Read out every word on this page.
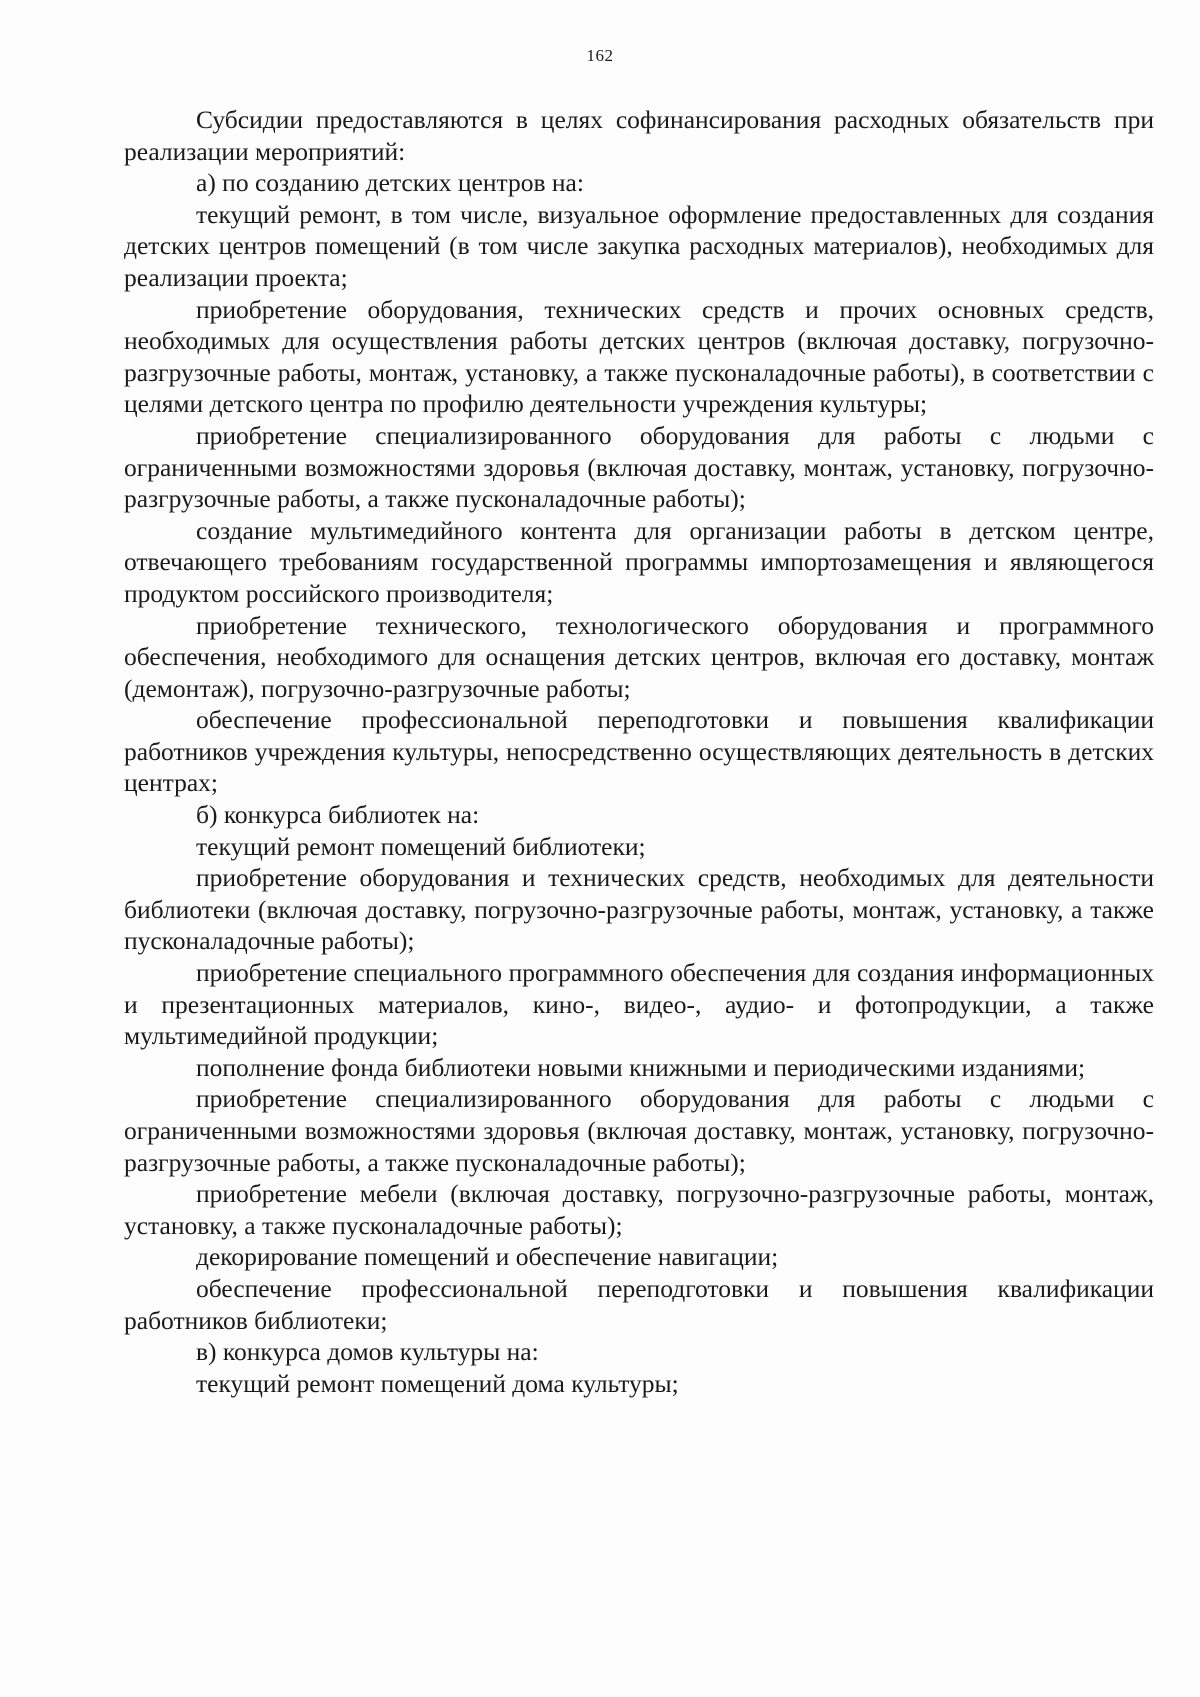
162

Субсидии предоставляются в целях софинансирования расходных обязательств при реализации мероприятий:

а) по созданию детских центров на:

текущий ремонт, в том числе, визуальное оформление предоставленных для создания детских центров помещений (в том числе закупка расходных материалов), необходимых для реализации проекта;

приобретение оборудования, технических средств и прочих основных средств, необходимых для осуществления работы детских центров (включая доставку, погрузочно-разгрузочные работы, монтаж, установку, а также пусконаладочные работы), в соответствии с целями детского центра по профилю деятельности учреждения культуры;

приобретение специализированного оборудования для работы с людьми с ограниченными возможностями здоровья (включая доставку, монтаж, установку, погрузочно-разгрузочные работы, а также пусконаладочные работы);

создание мультимедийного контента для организации работы в детском центре, отвечающего требованиям государственной программы импортозамещения и являющегося продуктом российского производителя;

приобретение технического, технологического оборудования и программного обеспечения, необходимого для оснащения детских центров, включая его доставку, монтаж (демонтаж), погрузочно-разгрузочные работы;

обеспечение профессиональной переподготовки и повышения квалификации работников учреждения культуры, непосредственно осуществляющих деятельность в детских центрах;

б) конкурса библиотек на:

текущий ремонт помещений библиотеки;

приобретение оборудования и технических средств, необходимых для деятельности библиотеки (включая доставку, погрузочно-разгрузочные работы, монтаж, установку, а также пусконаладочные работы);

приобретение специального программного обеспечения для создания информационных и презентационных материалов, кино-, видео-, аудио- и фотопродукции, а также мультимедийной продукции;

пополнение фонда библиотеки новыми книжными и периодическими изданиями;

приобретение специализированного оборудования для работы с людьми с ограниченными возможностями здоровья (включая доставку, монтаж, установку, погрузочно-разгрузочные работы, а также пусконаладочные работы);

приобретение мебели (включая доставку, погрузочно-разгрузочные работы, монтаж, установку, а также пусконаладочные работы);

декорирование помещений и обеспечение навигации;

обеспечение профессиональной переподготовки и повышения квалификации работников библиотеки;

в) конкурса домов культуры на:

текущий ремонт помещений дома культуры;
